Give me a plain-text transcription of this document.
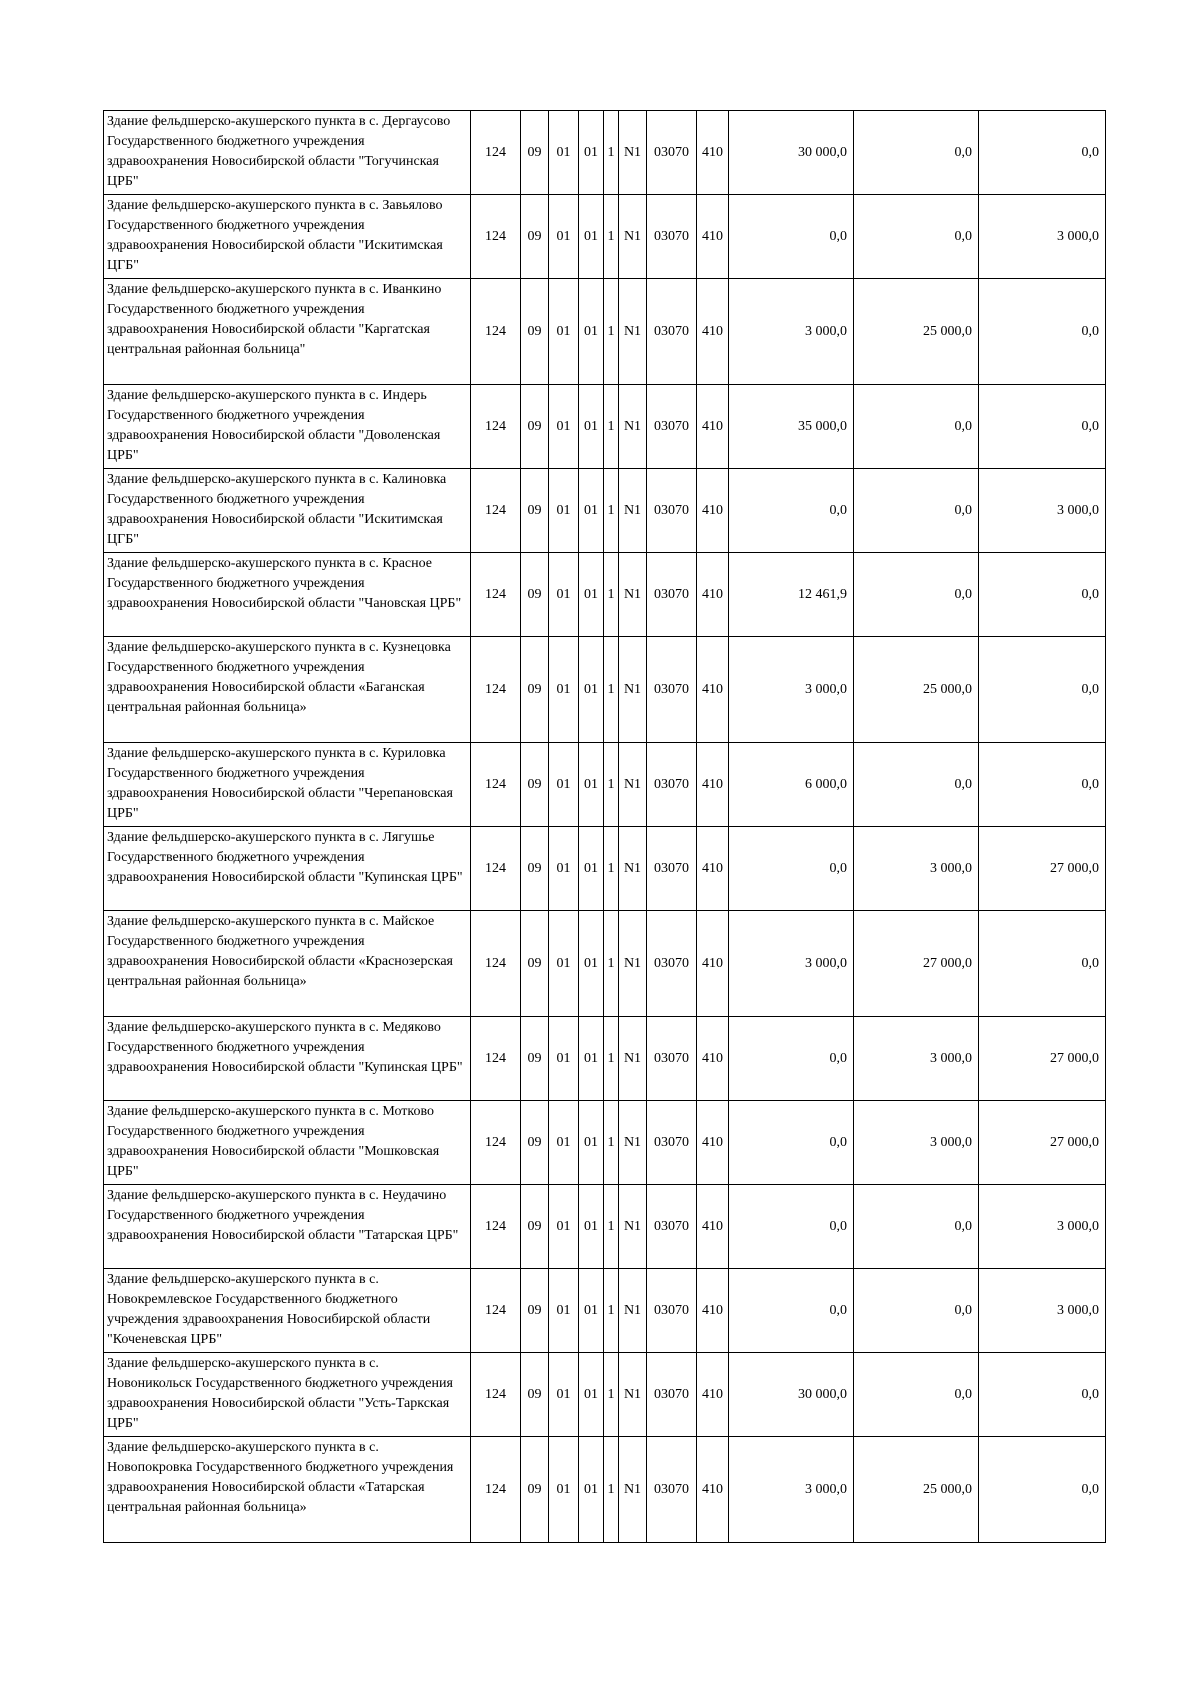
Здание фельдшерско-акушерского пункта в с. Дергаусово Государственного бюджетного учреждения здравоохранения Новосибирской области "Тогучинская ЦРБ"	124	09	01	01	1	N1	03070	410	30 000,0	0,0	0,0
Здание фельдшерско-акушерского пункта в с. Завьялово Государственного бюджетного учреждения здравоохранения Новосибирской области "Искитимская ЦГБ"	124	09	01	01	1	N1	03070	410	0,0	0,0	3 000,0
Здание фельдшерско-акушерского пункта в с. Иванкино Государственного бюджетного учреждения здравоохранения Новосибирской области "Каргатская центральная районная больница"	124	09	01	01	1	N1	03070	410	3 000,0	25 000,0	0,0
Здание фельдшерско-акушерского пункта в с. Индерь Государственного бюджетного учреждения здравоохранения Новосибирской области "Доволенская ЦРБ"	124	09	01	01	1	N1	03070	410	35 000,0	0,0	0,0
Здание фельдшерско-акушерского пункта в с. Калиновка Государственного бюджетного учреждения здравоохранения Новосибирской области "Искитимская ЦГБ"	124	09	01	01	1	N1	03070	410	0,0	0,0	3 000,0
Здание фельдшерско-акушерского пункта в с. Красное Государственного бюджетного учреждения здравоохранения Новосибирской области "Чановская ЦРБ"	124	09	01	01	1	N1	03070	410	12 461,9	0,0	0,0
Здание фельдшерско-акушерского пункта в с. Кузнецовка Государственного бюджетного учреждения здравоохранения Новосибирской области «Баганская центральная районная больница»	124	09	01	01	1	N1	03070	410	3 000,0	25 000,0	0,0
Здание фельдшерско-акушерского пункта в с. Куриловка Государственного бюджетного учреждения здравоохранения Новосибирской области "Черепановская ЦРБ"	124	09	01	01	1	N1	03070	410	6 000,0	0,0	0,0
Здание фельдшерско-акушерского пункта в с. Лягушье Государственного бюджетного учреждения здравоохранения Новосибирской области "Купинская ЦРБ"	124	09	01	01	1	N1	03070	410	0,0	3 000,0	27 000,0
Здание фельдшерско-акушерского пункта в с. Майское Государственного бюджетного учреждения здравоохранения Новосибирской области «Краснозерская центральная районная больница»	124	09	01	01	1	N1	03070	410	3 000,0	27 000,0	0,0
Здание фельдшерско-акушерского пункта в с. Медяково Государственного бюджетного учреждения здравоохранения Новосибирской области "Купинская ЦРБ"	124	09	01	01	1	N1	03070	410	0,0	3 000,0	27 000,0
Здание фельдшерско-акушерского пункта в с. Мотково Государственного бюджетного учреждения здравоохранения Новосибирской области "Мошковская ЦРБ"	124	09	01	01	1	N1	03070	410	0,0	3 000,0	27 000,0
Здание фельдшерско-акушерского пункта в с. Неудачино Государственного бюджетного учреждения здравоохранения Новосибирской области "Татарская ЦРБ"	124	09	01	01	1	N1	03070	410	0,0	0,0	3 000,0
Здание фельдшерско-акушерского пункта в с. Новокремлевское Государственного бюджетного учреждения здравоохранения Новосибирской области "Коченевская ЦРБ"	124	09	01	01	1	N1	03070	410	0,0	0,0	3 000,0
Здание фельдшерско-акушерского пункта в с. Новоникольск Государственного бюджетного учреждения здравоохранения Новосибирской области "Усть-Таркская ЦРБ"	124	09	01	01	1	N1	03070	410	30 000,0	0,0	0,0
Здание фельдшерско-акушерского пункта в с. Новопокровка Государственного бюджетного учреждения здравоохранения Новосибирской области «Татарская центральная районная больница»	124	09	01	01	1	N1	03070	410	3 000,0	25 000,0	0,0
